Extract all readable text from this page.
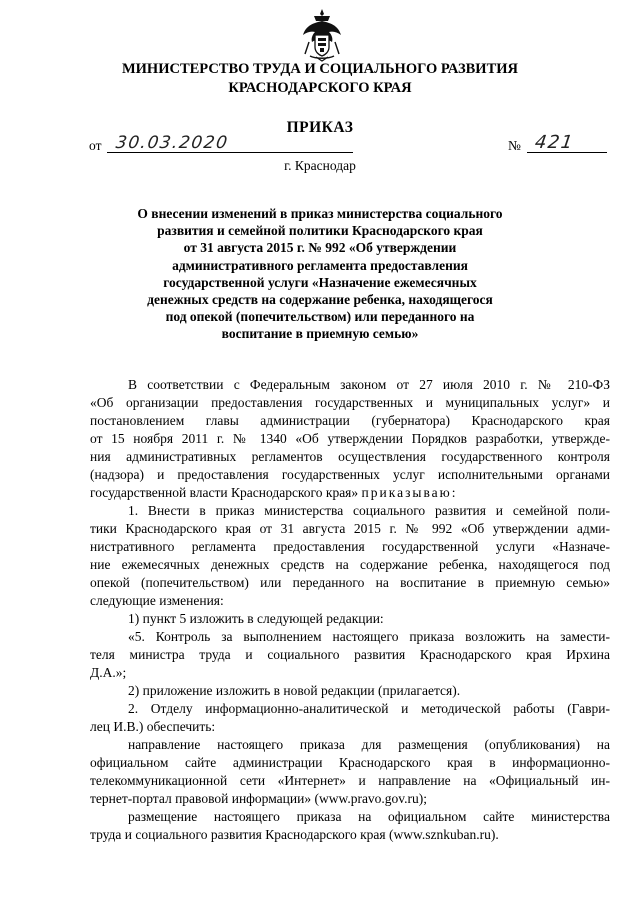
МИНИСТЕРСТВО ТРУДА И СОЦИАЛЬНОГО РАЗВИТИЯ
КРАСНОДАРСКОГО КРАЯ
ПРИКАЗ
от 30.03.2020	№ 421
г. Краснодар
О внесении изменений в приказ министерства социального
развития и семейной политики Краснодарского края
от 31 августа 2015 г. № 992 «Об утверждении
административного регламента предоставления
государственной услуги «Назначение ежемесячных
денежных средств на содержание ребенка, находящегося
под опекой (попечительством) или переданного на
воспитание в приемную семью»
В соответствии с Федеральным законом от 27 июля 2010 г. № 210-ФЗ
«Об организации предоставления государственных и муниципальных услуг» и
постановлением главы администрации (губернатора) Краснодарского края
от 15 ноября 2011 г. № 1340 «Об утверждении Порядков разработки, утвержде-
ния административных регламентов осуществления государственного контроля
(надзора) и предоставления государственных услуг исполнительными органами
государственной власти Краснодарского края» приказываю:
1. Внести в приказ министерства социального развития и семейной поли-
тики Краснодарского края от 31 августа 2015 г. № 992 «Об утверждении адми-
нистративного регламента предоставления государственной услуги «Назначе-
ние ежемесячных денежных средств на содержание ребенка, находящегося под
опекой (попечительством) или переданного на воспитание в приемную семью»
следующие изменения:
1) пункт 5 изложить в следующей редакции:
«5. Контроль за выполнением настоящего приказа возложить на замести-
теля министра труда и социального развития Краснодарского края Ирхина
Д.А.»;
2) приложение изложить в новой редакции (прилагается).
2. Отделу информационно-аналитической и методической работы (Гаври-
лец И.В.) обеспечить:
направление настоящего приказа для размещения (опубликования) на
официальном сайте администрации Краснодарского края в информационно-
телекоммуникационной сети «Интернет» и направление на «Официальный ин-
тернет-портал правовой информации» (www.pravo.gov.ru);
размещение настоящего приказа на официальном сайте министерства
труда и социального развития Краснодарского края (www.sznkuban.ru).
